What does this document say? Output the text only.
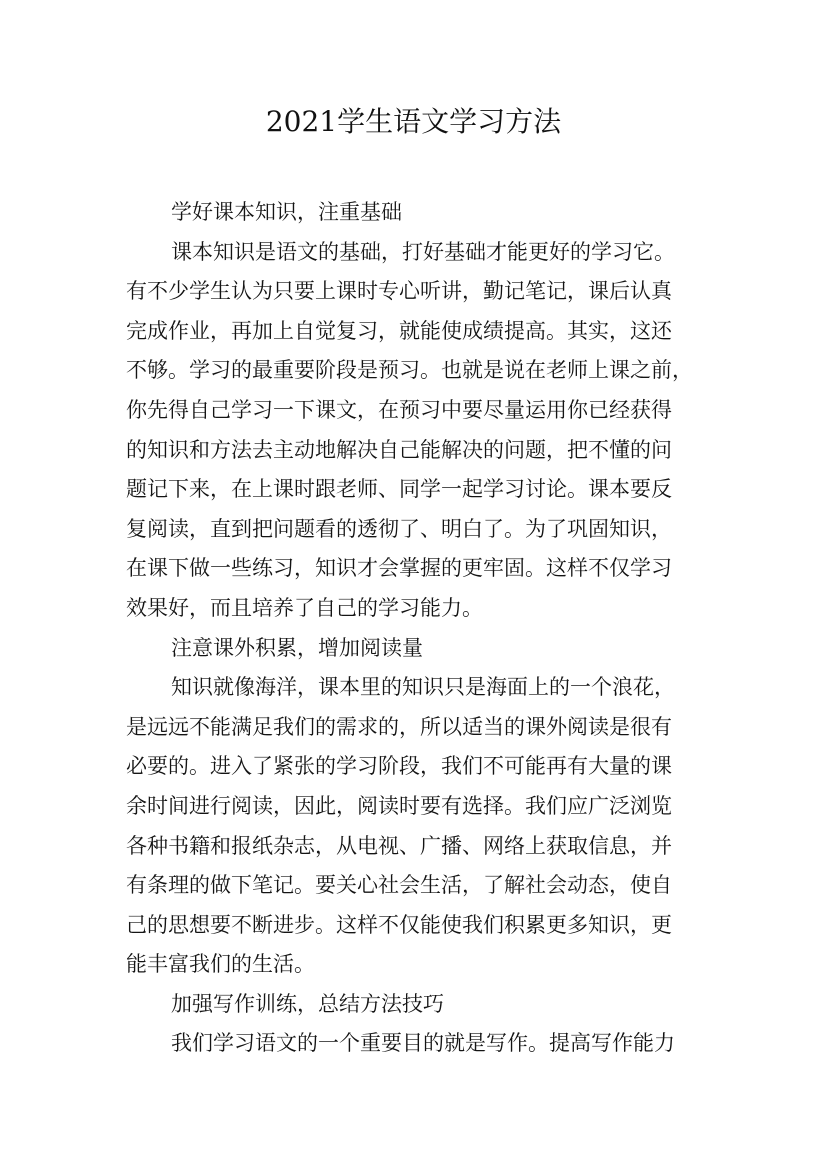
2021学生语文学习方法
学好课本知识，注重基础
课本知识是语文的基础，打好基础才能更好的学习它。
有不少学生认为只要上课时专心听讲，勤记笔记，课后认真
完成作业，再加上自觉复习，就能使成绩提高。其实，这还
不够。学习的最重要阶段是预习。也就是说在老师上课之前，
你先得自己学习一下课文，在预习中要尽量运用你已经获得
的知识和方法去主动地解决自己能解决的问题，把不懂的问
题记下来，在上课时跟老师、同学一起学习讨论。课本要反
复阅读，直到把问题看的透彻了、明白了。为了巩固知识，
在课下做一些练习，知识才会掌握的更牢固。这样不仅学习
效果好，而且培养了自己的学习能力。
注意课外积累，增加阅读量
知识就像海洋，课本里的知识只是海面上的一个浪花，
是远远不能满足我们的需求的，所以适当的课外阅读是很有
必要的。进入了紧张的学习阶段，我们不可能再有大量的课
余时间进行阅读，因此，阅读时要有选择。我们应广泛浏览
各种书籍和报纸杂志，从电视、广播、网络上获取信息，并
有条理的做下笔记。要关心社会生活，了解社会动态，使自
己的思想要不断进步。这样不仅能使我们积累更多知识，更
能丰富我们的生活。
加强写作训练，总结方法技巧
我们学习语文的一个重要目的就是写作。提高写作能力
